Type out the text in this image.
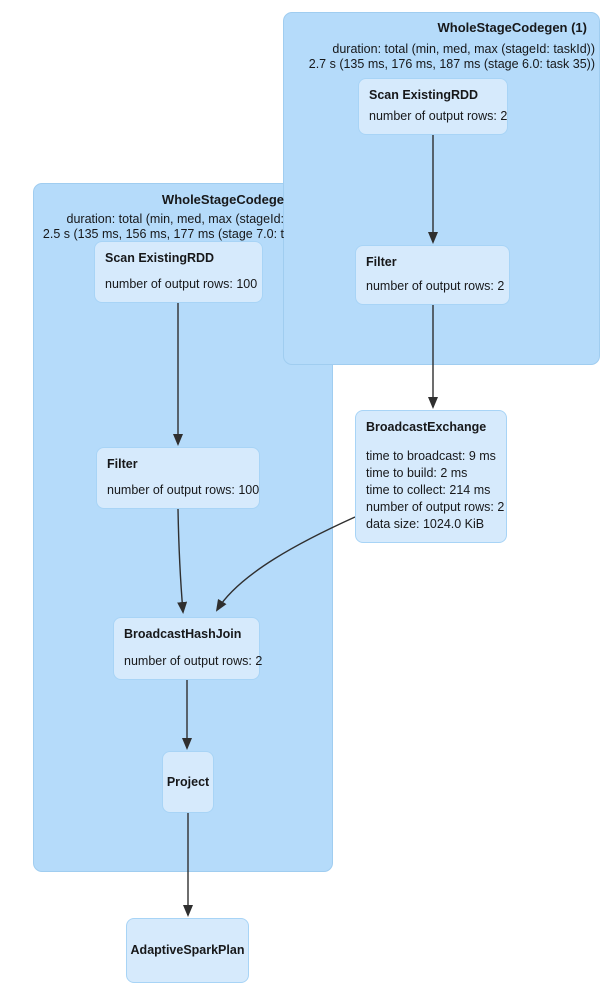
WholeStageCodegen (1)
duration: total (min, med, max (stageId: taskId))
2.7 s (135 ms, 176 ms, 187 ms (stage 6.0: task 35))
WholeStageCodege
duration: total (min, med, max (stageId:
2.5 s (135 ms, 156 ms, 177 ms (stage 7.0: t
Scan ExistingRDD
number of output rows: 2
Filter
number of output rows: 2
BroadcastExchange
time to broadcast: 9 ms
time to build: 2 ms
time to collect: 214 ms
number of output rows: 2
data size: 1024.0 KiB
Scan ExistingRDD
number of output rows: 100
Filter
number of output rows: 100
BroadcastHashJoin
number of output rows: 2
Project
AdaptiveSparkPlan
